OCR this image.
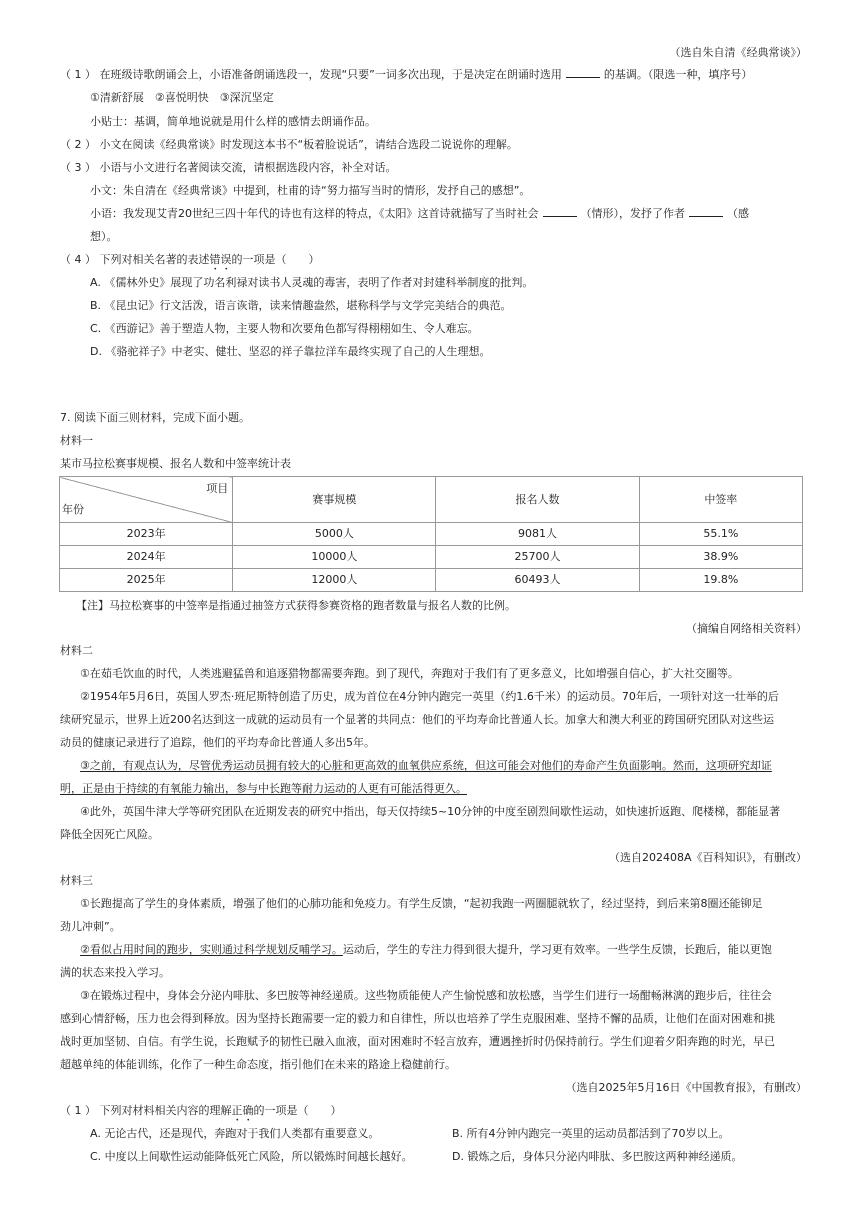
（选自朱自清《经典常谈》）
（ 1 ） 在班级诗歌朗诵会上，小语准备朗诵选段一，发现“只要”一词多次出现，于是决定在朗诵时选用	的基调。（限选一种，填序号）
①清新舒展　②喜悦明快　③深沉坚定
小贴士：基调，简单地说就是用什么样的感情去朗诵作品。
（ 2 ） 小文在阅读《经典常谈》时发现这本书不“板着脸说话”，请结合选段二说说你的理解。
（ 3 ） 小语与小文进行名著阅读交流，请根据选段内容，补全对话。
小文：朱自清在《经典常谈》中提到，杜甫的诗“努力描写当时的情形，发抒自己的感想”。
小语：我发现艾青20世纪三四十年代的诗也有这样的特点，《太阳》这首诗就描写了当时社会	（情形），发抒了作者	（感
想）。
（ 4 ） 下列对相关名著的表述错误的一项是（　　）
A. 《儒林外史》展现了功名利禄对读书人灵魂的毒害，表明了作者对封建科举制度的批判。
B. 《昆虫记》行文活泼，语言诙谐，读来情趣盎然，堪称科学与文学完美结合的典范。
C. 《西游记》善于塑造人物，主要人物和次要角色都写得栩栩如生、令人难忘。
D. 《骆驼祥子》中老实、健壮、坚忍的祥子靠拉洋车最终实现了自己的人生理想。
7. 阅读下面三则材料，完成下面小题。
材料一
某市马拉松赛事规模、报名人数和中签率统计表
项目
年份	赛事规模	报名人数	中签率
2023年	5000人	9081人	55.1%
2024年	10000人	25700人	38.9%
2025年	12000人	60493人	19.8%
【注】马拉松赛事的中签率是指通过抽签方式获得参赛资格的跑者数量与报名人数的比例。
（摘编自网络相关资料）
材料二
①在茹毛饮血的时代，人类逃避猛兽和追逐猎物都需要奔跑。到了现代，奔跑对于我们有了更多意义，比如增强自信心，扩大社交圈等。
②1954年5月6日，英国人罗杰·班尼斯特创造了历史，成为首位在4分钟内跑完一英里（约1.6千米）的运动员。70年后，一项针对这一壮举的后
续研究显示，世界上近200名达到这一成就的运动员有一个显著的共同点：他们的平均寿命比普通人长。加拿大和澳大利亚的跨国研究团队对这些运
动员的健康记录进行了追踪，他们的平均寿命比普通人多出5年。
③之前，有观点认为，尽管优秀运动员拥有较大的心脏和更高效的血氧供应系统，但这可能会对他们的寿命产生负面影响。然而，这项研究却证
明，正是由于持续的有氧能力输出，参与中长跑等耐力运动的人更有可能活得更久。
④此外，英国牛津大学等研究团队在近期发表的研究中指出，每天仅持续5~10分钟的中度至剧烈间歇性运动，如快速折返跑、爬楼梯，都能显著
降低全因死亡风险。
（选自202408A《百科知识》，有删改）
材料三
①长跑提高了学生的身体素质，增强了他们的心肺功能和免疫力。有学生反馈，“起初我跑一两圈腿就软了，经过坚持，到后来第8圈还能铆足
劲儿冲刺”。
②看似占用时间的跑步，实则通过科学规划反哺学习。运动后，学生的专注力得到很大提升，学习更有效率。一些学生反馈，长跑后，能以更饱
满的状态来投入学习。
③在锻炼过程中，身体会分泌内啡肽、多巴胺等神经递质。这些物质能使人产生愉悦感和放松感，当学生们进行一场酣畅淋漓的跑步后，往往会
感到心情舒畅，压力也会得到释放。因为坚持长跑需要一定的毅力和自律性，所以也培养了学生克服困难、坚持不懈的品质，让他们在面对困难和挑
战时更加坚韧、自信。有学生说，长跑赋予的韧性已融入血液，面对困难时不轻言放弃，遭遇挫折时仍保持前行。学生们迎着夕阳奔跑的时光，早已
超越单纯的体能训练，化作了一种生命态度，指引他们在未来的路途上稳健前行。
（选自2025年5月16日《中国教育报》，有删改）
（ 1 ） 下列对材料相关内容的理解正确的一项是（　　）
A. 无论古代，还是现代，奔跑对于我们人类都有重要意义。	B. 所有4分钟内跑完一英里的运动员都活到了70岁以上。
C. 中度以上间歇性运动能降低死亡风险，所以锻炼时间越长越好。	D. 锻炼之后，身体只分泌内啡肽、多巴胺这两种神经递质。
